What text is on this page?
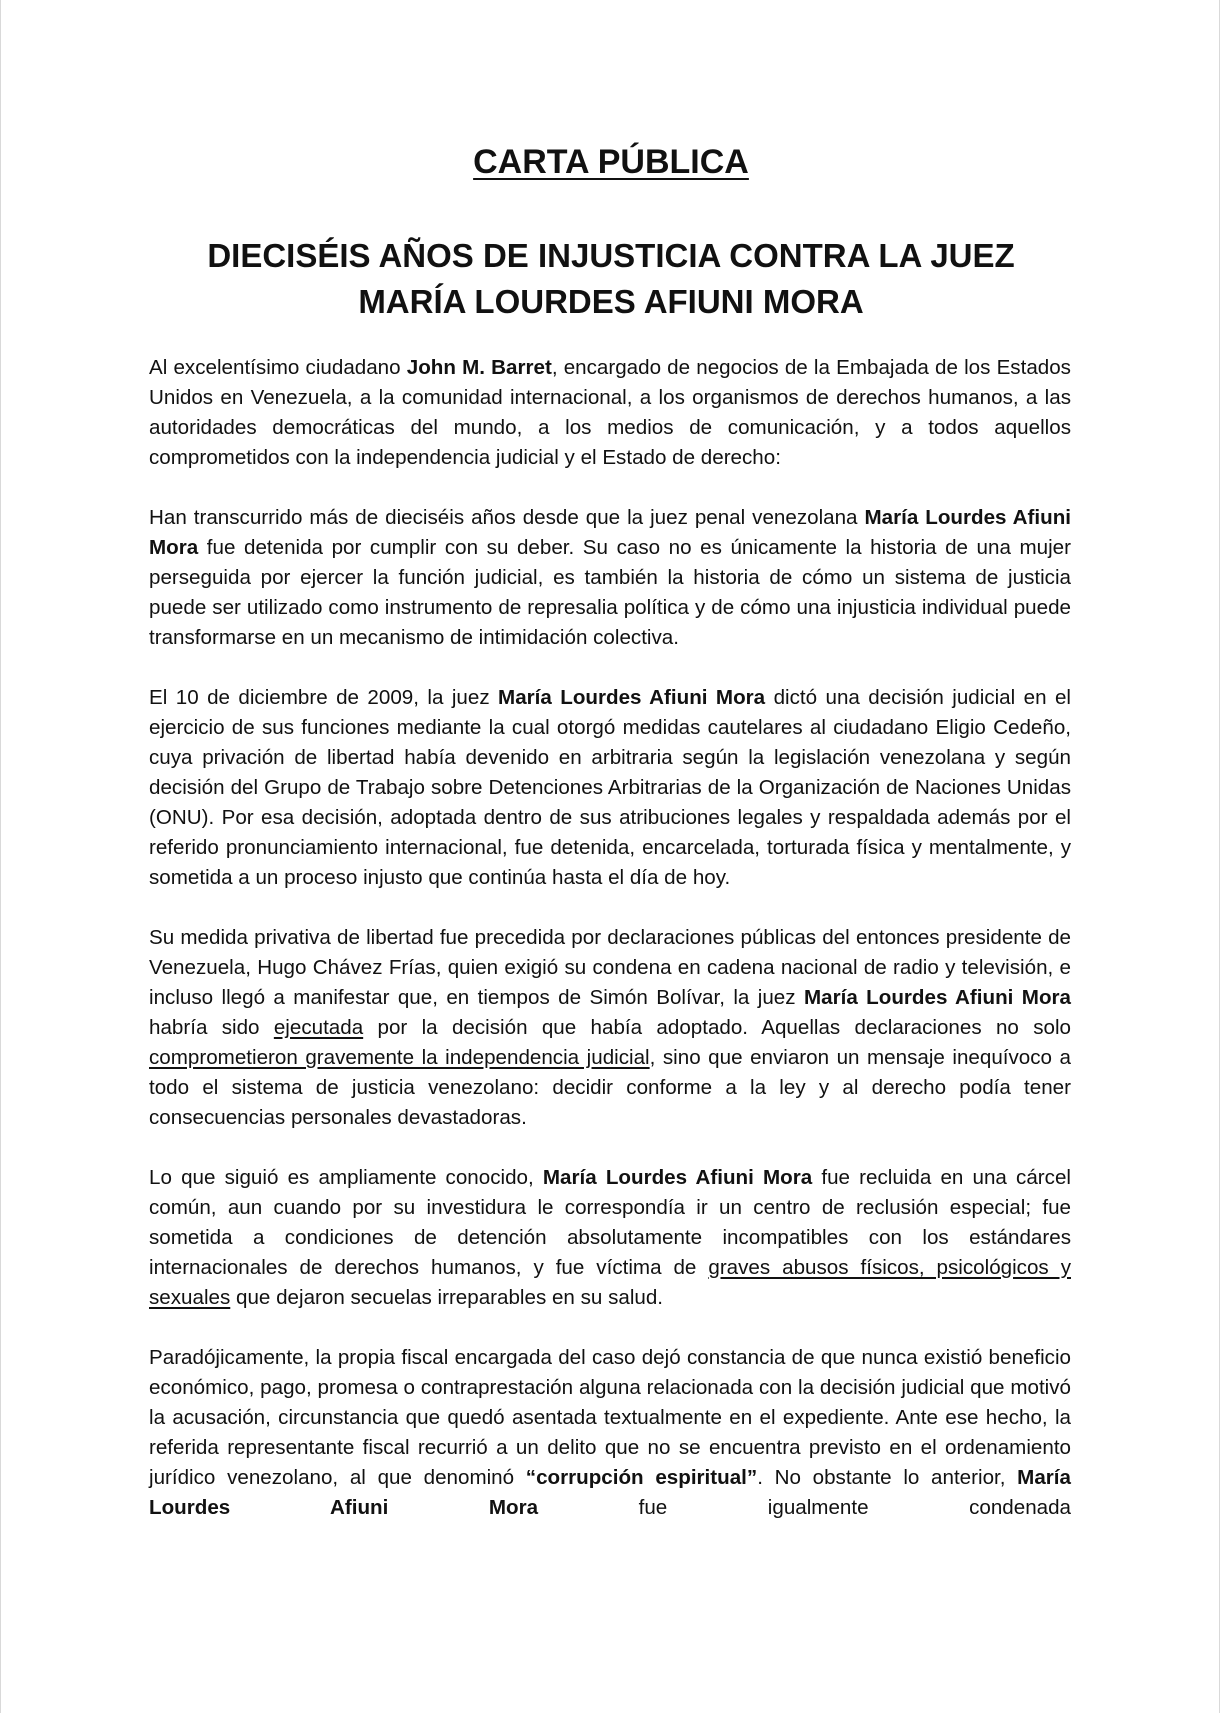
CARTA PÚBLICA
DIECISÉIS AÑOS DE INJUSTICIA CONTRA LA JUEZ
MARÍA LOURDES AFIUNI MORA

Al excelentísimo ciudadano John M. Barret, encargado de negocios de la Embajada de los Estados Unidos en Venezuela, a la comunidad internacional, a los organismos de derechos humanos, a las autoridades democráticas del mundo, a los medios de comunicación, y a todos aquellos comprometidos con la independencia judicial y el Estado de derecho:

Han transcurrido más de dieciséis años desde que la juez penal venezolana María Lourdes Afiuni Mora fue detenida por cumplir con su deber. Su caso no es únicamente la historia de una mujer perseguida por ejercer la función judicial, es también la historia de cómo un sistema de justicia puede ser utilizado como instrumento de represalia política y de cómo una injusticia individual puede transformarse en un mecanismo de intimidación colectiva.

El 10 de diciembre de 2009, la juez María Lourdes Afiuni Mora dictó una decisión judicial en el ejercicio de sus funciones mediante la cual otorgó medidas cautelares al ciudadano Eligio Cedeño, cuya privación de libertad había devenido en arbitraria según la legislación venezolana y según decisión del Grupo de Trabajo sobre Detenciones Arbitrarias de la Organización de Naciones Unidas (ONU). Por esa decisión, adoptada dentro de sus atribuciones legales y respaldada además por el referido pronunciamiento internacional, fue detenida, encarcelada, torturada física y mentalmente, y sometida a un proceso injusto que continúa hasta el día de hoy.

Su medida privativa de libertad fue precedida por declaraciones públicas del entonces presidente de Venezuela, Hugo Chávez Frías, quien exigió su condena en cadena nacional de radio y televisión, e incluso llegó a manifestar que, en tiempos de Simón Bolívar, la juez María Lourdes Afiuni Mora habría sido ejecutada por la decisión que había adoptado. Aquellas declaraciones no solo comprometieron gravemente la independencia judicial, sino que enviaron un mensaje inequívoco a todo el sistema de justicia venezolano: decidir conforme a la ley y al derecho podía tener consecuencias personales devastadoras.

Lo que siguió es ampliamente conocido, María Lourdes Afiuni Mora fue recluida en una cárcel común, aun cuando por su investidura le correspondía ir un centro de reclusión especial; fue sometida a condiciones de detención absolutamente incompatibles con los estándares internacionales de derechos humanos, y fue víctima de graves abusos físicos, psicológicos y sexuales que dejaron secuelas irreparables en su salud.

Paradójicamente, la propia fiscal encargada del caso dejó constancia de que nunca existió beneficio económico, pago, promesa o contraprestación alguna relacionada con la decisión judicial que motivó la acusación, circunstancia que quedó asentada textualmente en el expediente. Ante ese hecho, la referida representante fiscal recurrió a un delito que no se encuentra previsto en el ordenamiento jurídico venezolano, al que denominó “corrupción espiritual”. No obstante lo anterior, María Lourdes Afiuni Mora fue igualmente condenada
